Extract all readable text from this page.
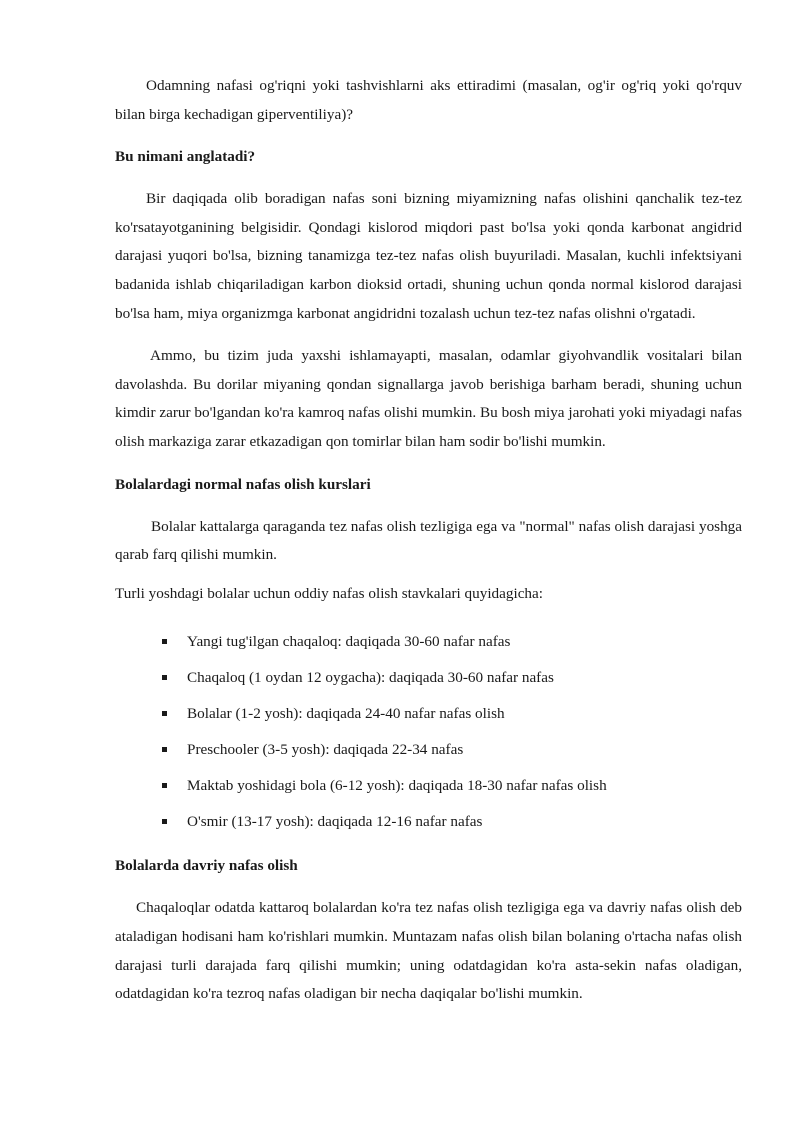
Odamning nafasi og'riqni yoki tashvishlarni aks ettiradimi (masalan, og'ir og'riq yoki qo'rquv bilan birga kechadigan giperventiliya)?

Bu nimani anglatadi?

Bir daqiqada olib boradigan nafas soni bizning miyamizning nafas olishini qanchalik tez-tez ko'rsatayotganining belgisidir. Qondagi kislorod miqdori past bo'lsa yoki qonda karbonat angidrid darajasi yuqori bo'lsa, bizning tanamizga tez-tez nafas olish buyuriladi. Masalan, kuchli infektsiyani badanida ishlab chiqariladigan karbon dioksid ortadi, shuning uchun qonda normal kislorod darajasi bo'lsa ham, miya organizmga karbonat angidridni tozalash uchun tez-tez nafas olishni o'rgatadi.

Ammo, bu tizim juda yaxshi ishlamayapti, masalan, odamlar giyohvandlik vositalari bilan davolashda. Bu dorilar miyaning qondan signallarga javob berishiga barham beradi, shuning uchun kimdir zarur bo'lgandan ko'ra kamroq nafas olishi mumkin. Bu bosh miya jarohati yoki miyadagi nafas olish markaziga zarar etkazadigan qon tomirlar bilan ham sodir bo'lishi mumkin.

Bolalardagi normal nafas olish kurslari

Bolalar kattalarga qaraganda tez nafas olish tezligiga ega va "normal" nafas olish darajasi yoshga qarab farq qilishi mumkin.

Turli yoshdagi bolalar uchun oddiy nafas olish stavkalari quyidagicha:

Yangi tug'ilgan chaqaloq: daqiqada 30-60 nafar nafas
Chaqaloq (1 oydan 12 oygacha): daqiqada 30-60 nafar nafas
Bolalar (1-2 yosh): daqiqada 24-40 nafar nafas olish
Preschooler (3-5 yosh): daqiqada 22-34 nafas
Maktab yoshidagi bola (6-12 yosh): daqiqada 18-30 nafar nafas olish
O'smir (13-17 yosh): daqiqada 12-16 nafar nafas
Bolalarda davriy nafas olish

Chaqaloqlar odatda kattaroq bolalardan ko'ra tez nafas olish tezligiga ega va davriy nafas olish deb ataladigan hodisani ham ko'rishlari mumkin. Muntazam nafas olish bilan bolaning o'rtacha nafas olish darajasi turli darajada farq qilishi mumkin; uning odatdagidan ko'ra asta-sekin nafas oladigan, odatdagidan ko'ra tezroq nafas oladigan bir necha daqiqalar bo'lishi mumkin.
